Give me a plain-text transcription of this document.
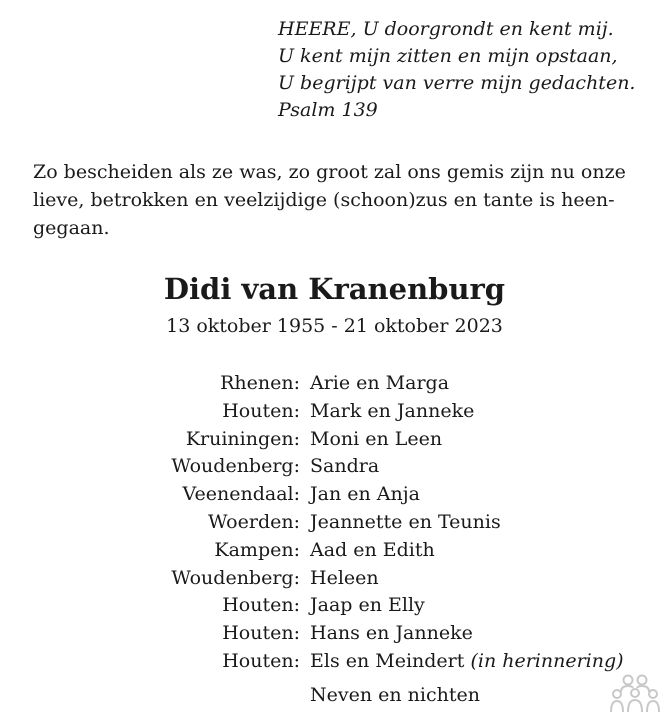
HEERE, U doorgrondt en kent mij.
U kent mijn zitten en mijn opstaan,
U begrijpt van verre mijn gedachten.
Psalm 139
Zo bescheiden als ze was, zo groot zal ons gemis zijn nu onze
lieve, betrokken en veelzijdige (schoon)zus en tante is heen-
gegaan.
Didi van Kranenburg
13 oktober 1955 - 21 oktober 2023
Rhenen: Arie en Marga
Houten: Mark en Janneke
Kruiningen: Moni en Leen
Woudenberg: Sandra
Veenendaal: Jan en Anja
Woerden: Jeannette en Teunis
Kampen: Aad en Edith
Woudenberg: Heleen
Houten: Jaap en Elly
Houten: Hans en Janneke
Houten: Els en Meindert (in herinnering)
Neven en nichten
